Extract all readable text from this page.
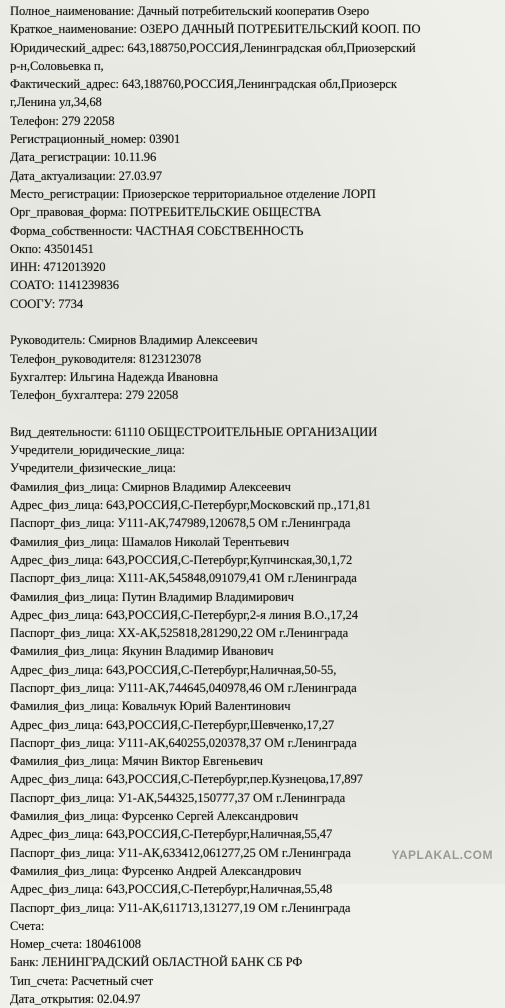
Полное_наименование: Дачный потребительский кооператив Озеро
Краткое_наименование: ОЗЕРО ДАЧНЫЙ ПОТРЕБИТЕЛЬСКИЙ КООП. ПО
Юридический_адрес: 643,188750,РОССИЯ,Ленинградская обл,Приозерский
р-н,Соловьевка п,
Фактический_адрес: 643,188760,РОССИЯ,Ленинградская обл,Приозерск
г,Ленина ул,34,68
Телефон: 279 22058
Регистрационный_номер: 03901
Дата_регистрации: 10.11.96
Дата_актуализации: 27.03.97
Место_регистрации: Приозерское территориальное отделение ЛОРП
Орг_правовая_форма: ПОТРЕБИТЕЛЬСКИЕ ОБЩЕСТВА
Форма_собственности: ЧАСТНАЯ СОБСТВЕННОСТЬ
Окпо: 43501451
ИНН: 4712013920
СОАТО: 1141239836
СООГУ: 7734
Руководитель: Смирнов Владимир Алексеевич
Телефон_руководителя: 8123123078
Бухгалтер: Ильгина Надежда Ивановна
Телефон_бухгалтера: 279 22058
Вид_деятельности: 61110 ОБЩЕСТРОИТЕЛЬНЫЕ ОРГАНИЗАЦИИ
Учредители_юридические_лица:
Учредители_физические_лица:
Фамилия_физ_лица: Смирнов Владимир Алексеевич
Адрес_физ_лица: 643,РОССИЯ,С-Петербург,Московский пр.,171,81
Паспорт_физ_лица: У111-АК,747989,120678,5 ОМ г.Ленинграда
Фамилия_физ_лица: Шамалов Николай Терентьевич
Адрес_физ_лица: 643,РОССИЯ,С-Петербург,Купчинская,30,1,72
Паспорт_физ_лица: Х111-АК,545848,091079,41 ОМ г.Ленинграда
Фамилия_физ_лица: Путин Владимир Владимирович
Адрес_физ_лица: 643,РОССИЯ,С-Петербург,2-я линия В.О.,17,24
Паспорт_физ_лица: ХХ-АК,525818,281290,22 ОМ г.Ленинграда
Фамилия_физ_лица: Якунин Владимир Иванович
Адрес_физ_лица: 643,РОССИЯ,С-Петербург,Наличная,50-55,
Паспорт_физ_лица: У111-АК,744645,040978,46 ОМ г.Ленинграда
Фамилия_физ_лица: Ковальчук Юрий Валентинович
Адрес_физ_лица: 643,РОССИЯ,С-Петербург,Шевченко,17,27
Паспорт_физ_лица: У111-АК,640255,020378,37 ОМ г.Ленинграда
Фамилия_физ_лица: Мячин Виктор Евгеньевич
Адрес_физ_лица: 643,РОССИЯ,С-Петербург,пер.Кузнецова,17,897
Паспорт_физ_лица: У1-АК,544325,150777,37 ОМ г.Ленинграда
Фамилия_физ_лица: Фурсенко Сергей Александрович
Адрес_физ_лица: 643,РОССИЯ,С-Петербург,Наличная,55,47
Паспорт_физ_лица: У11-АК,633412,061277,25 ОМ г.Ленинграда
Фамилия_физ_лица: Фурсенко Андрей Александрович
Адрес_физ_лица: 643,РОССИЯ,С-Петербург,Наличная,55,48
Паспорт_физ_лица: У11-АК,611713,131277,19 ОМ г.Ленинграда
Счета:
Номер_счета: 180461008
Банк: ЛЕНИНГРАДСКИЙ ОБЛАСТНОЙ БАНК СБ РФ
Тип_счета: Расчетный счет
Дата_открытия: 02.04.97
YAPLAKAL.COM
